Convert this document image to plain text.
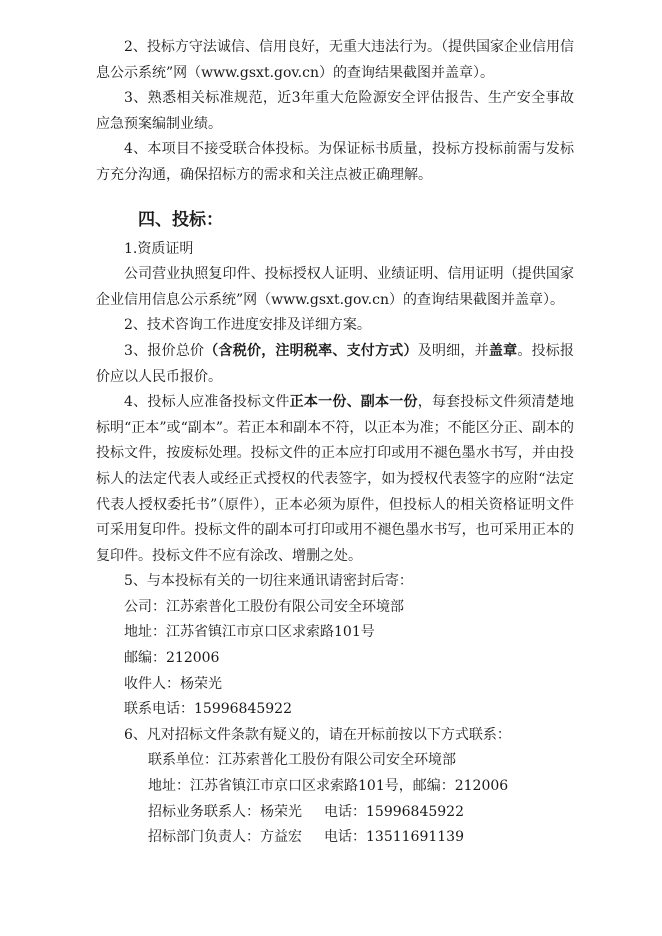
2、投标方守法诚信、信用良好，无重大违法行为。（提供国家企业信用信息公示系统”网（www.gsxt.gov.cn）的查询结果截图并盖章）。

3、熟悉相关标准规范，近3年重大危险源安全评估报告、生产安全事故应急预案编制业绩。

4、本项目不接受联合体投标。为保证标书质量，投标方投标前需与发标方充分沟通，确保招标方的需求和关注点被正确理解。

四、投标：

1.资质证明

公司营业执照复印件、投标授权人证明、业绩证明、信用证明（提供国家企业信用信息公示系统”网（www.gsxt.gov.cn）的查询结果截图并盖章）。

2、技术咨询工作进度安排及详细方案。

3、报价总价（含税价，注明税率、支付方式）及明细，并盖章。投标报价应以人民币报价。

4、投标人应准备投标文件正本一份、副本一份，每套投标文件须清楚地标明“正本”或“副本”。若正本和副本不符，以正本为准；不能区分正、副本的投标文件，按废标处理。投标文件的正本应打印或用不褪色墨水书写，并由投标人的法定代表人或经正式授权的代表签字，如为授权代表签字的应附“法定代表人授权委托书”（原件），正本必须为原件，但投标人的相关资格证明文件可采用复印件。投标文件的副本可打印或用不褪色墨水书写，也可采用正本的复印件。投标文件不应有涂改、增删之处。

5、与本投标有关的一切往来通讯请密封后寄：

公司：江苏索普化工股份有限公司安全环境部

地址：江苏省镇江市京口区求索路101号

邮编：212006

收件人：杨荣光

联系电话：15996845922

6、凡对招标文件条款有疑义的，请在开标前按以下方式联系：

联系单位：江苏索普化工股份有限公司安全环境部

地址：江苏省镇江市京口区求索路101号，邮编：212006

招标业务联系人：杨荣光 电话：15996845922

招标部门负责人：方益宏 电话：13511691139
